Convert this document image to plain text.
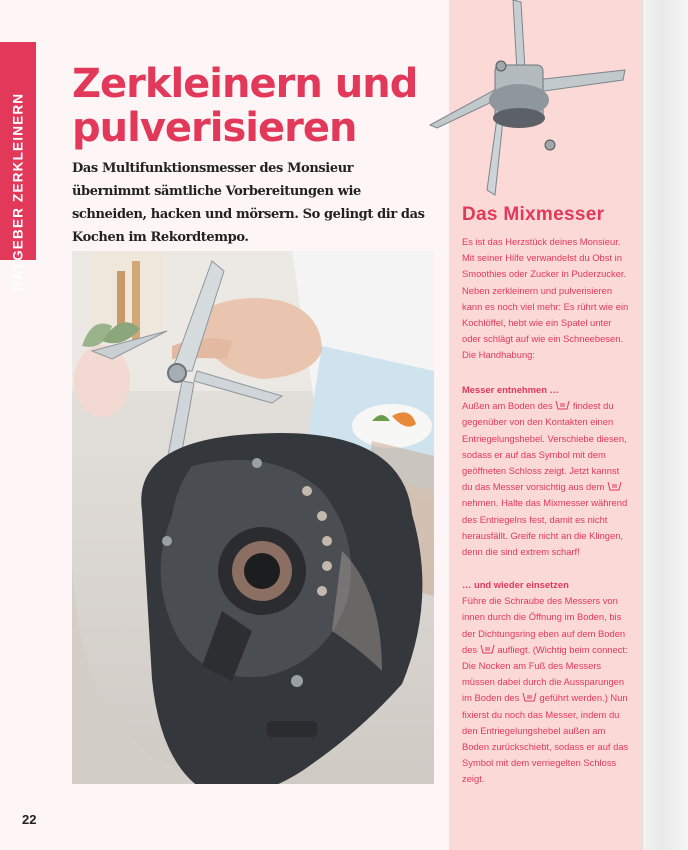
RATGEBER ZERKLEINERN
Zerkleinern und pulverisieren

Das Multifunktionsmesser des Monsieur übernimmt sämtliche Vorbereitungen wie schneiden, hacken und mörsern. So gelingt dir das Kochen im Rekordtempo.

Das Mixmesser

Es ist das Herzstück deines Monsieur. Mit seiner Hilfe verwandelst du Obst in Smoothies oder Zucker in Puderzucker. Neben zerkleinern und pulverisieren kann es noch viel mehr: Es rührt wie ein Kochlöffel, hebt wie ein Spatel unter oder schlägt auf wie ein Schneebesen. Die Handhabung:

Messer entnehmen …
Außen am Boden des findest du gegenüber von den Kontakten einen Entriegelungshebel. Verschiebe diesen, sodass er auf das Symbol mit dem geöffneten Schloss zeigt. Jetzt kannst du das Messer vorsichtig aus dem  nehmen. Halte das Mixmesser während des Entriegelns fest, damit es nicht herausfällt. Greife nicht an die Klingen, denn die sind extrem scharf!

… und wieder einsetzen
Führe die Schraube des Messers von innen durch die Öffnung im Boden, bis der Dichtungsring eben auf dem Boden des aufliegt. (Wichtig beim connect: Die Nocken am Fuß des Messers müssen dabei durch die Aussparungen im Boden des geführt werden.) Nun fixierst du noch das Messer, indem du den Entriegelungshebel außen am Boden zurückschiebt, sodass er auf das Symbol mit dem verriegelten Schloss zeigt.

22
